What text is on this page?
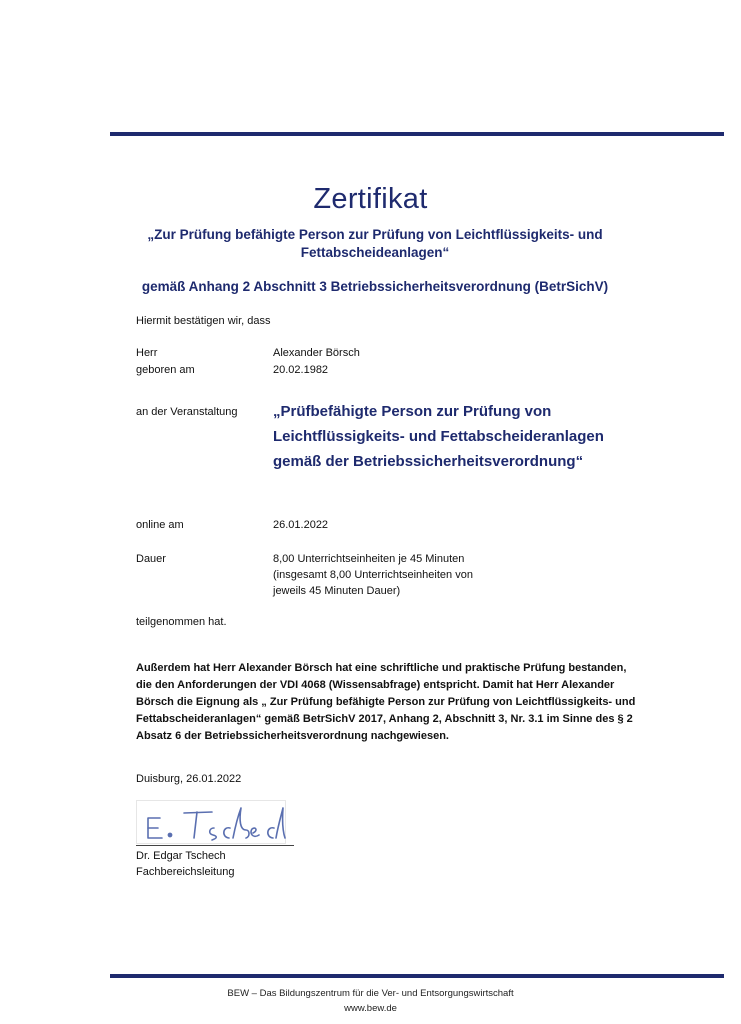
Zertifikat
„Zur Prüfung befähigte Person zur Prüfung von Leichtflüssigkeits- und
Fettabscheideanlagen“
gemäß Anhang 2 Abschnitt 3 Betriebssicherheitsverordnung (BetrSichV)
Hiermit bestätigen wir, dass
Herr	Alexander Börsch
geboren am	20.02.1982
an der Veranstaltung „Prüfbefähigte Person zur Prüfung von
Leichtflüssigkeits- und Fettabscheideranlagen
gemäß der Betriebssicherheitsverordnung“
online am	26.01.2022
Dauer	8,00 Unterrichtseinheiten je 45 Minuten
(insgesamt 8,00 Unterrichtseinheiten von
jeweils 45 Minuten Dauer)
teilgenommen hat.
Außerdem hat Herr Alexander Börsch hat eine schriftliche und praktische Prüfung bestanden,
die den Anforderungen der VDI 4068 (Wissensabfrage) entspricht. Damit hat Herr Alexander
Börsch die Eignung als „ Zur Prüfung befähigte Person zur Prüfung von Leichtflüssigkeits- und
Fettabscheideranlagen“ gemäß BetrSichV 2017, Anhang 2, Abschnitt 3, Nr. 3.1 im Sinne des § 2
Absatz 6 der Betriebssicherheitsverordnung nachgewiesen.
Duisburg, 26.01.2022
Dr. Edgar Tschech
Fachbereichsleitung
BEW – Das Bildungszentrum für die Ver- und Entsorgungswirtschaft
www.bew.de
